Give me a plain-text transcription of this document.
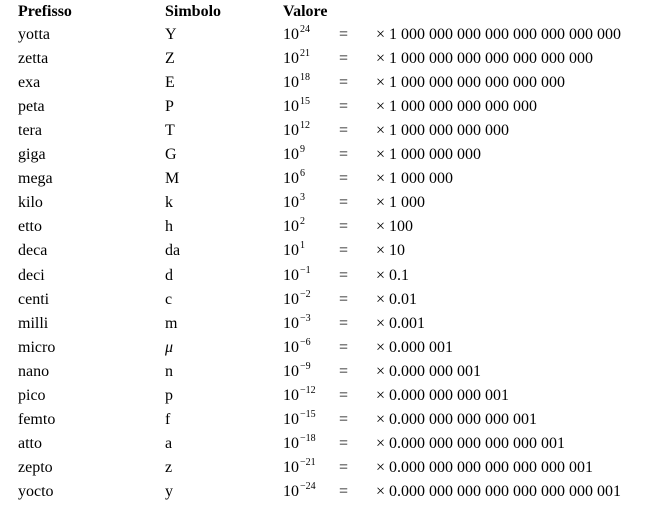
Prefisso	Simbolo	Valore
yotta	Y	$10^{24}$ = × 1 000 000 000 000 000 000 000 000
zetta	Z	$10^{21}$ = × 1 000 000 000 000 000 000 000
exa	E	$10^{18}$ = × 1 000 000 000 000 000 000
peta	P	$10^{15}$ = × 1 000 000 000 000 000
tera	T	$10^{12}$ = × 1 000 000 000 000
giga	G	$10^9$ = × 1 000 000 000
mega	M	$10^6$ = × 1 000 000
kilo	k	$10^3$ = × 1 000
etto	h	$10^2$ = × 100
deca	da	$10^1$ = × 10
deci	d	$10^{-1}$ = × 0.1
centi	c	$10^{-2}$ = × 0.01
milli	m	$10^{-3}$ = × 0.001
micro	μ	$10^{-6}$ = × 0.000 001
nano	n	$10^{-9}$ = × 0.000 000 001
pico	p	$10^{-12}$ = × 0.000 000 000 001
femto	f	$10^{-15}$ = × 0.000 000 000 000 001
atto	a	$10^{-18}$ = × 0.000 000 000 000 000 001
zepto	z	$10^{-21}$ = × 0.000 000 000 000 000 000 001
yocto	y	$10^{-24}$ = × 0.000 000 000 000 000 000 000 001
